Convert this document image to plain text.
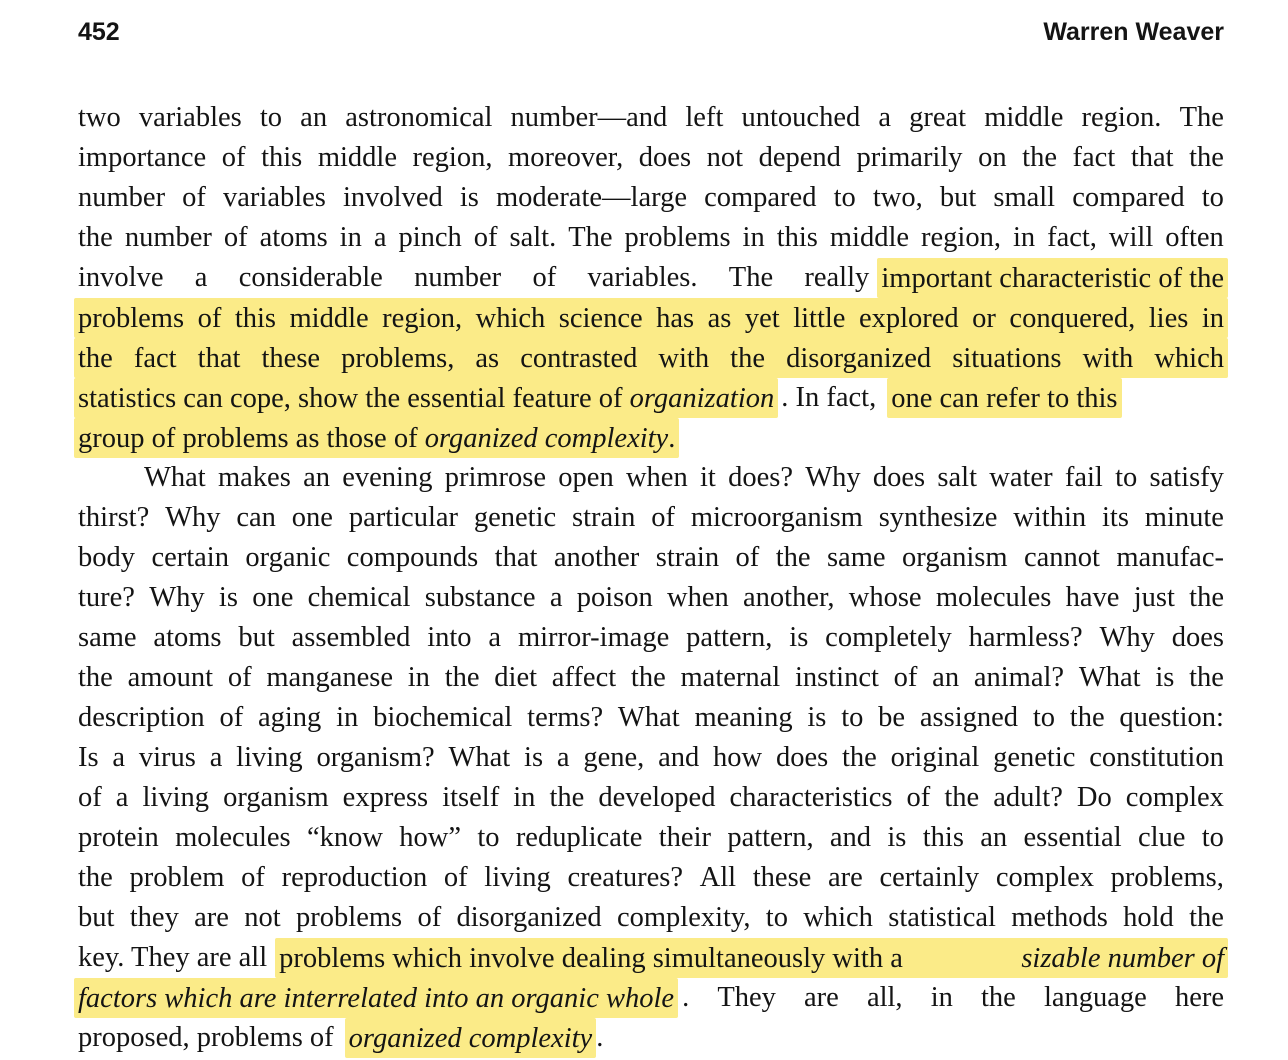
452	Warren Weaver
two variables to an astronomical number—and left untouched a great middle region. The
importance of this middle region, moreover, does not depend primarily on the fact that the
number of variables involved is moderate—large compared to two, but small compared to
the number of atoms in a pinch of salt. The problems in this middle region, in fact, will often
involve a considerable number of variables. The really important characteristic of the
problems of this middle region, which science has as yet little explored or conquered, lies in
the fact that these problems, as contrasted with the disorganized situations with which
statistics can cope, show the essential feature of organization . In fact, one can refer to this
group of problems as those of organized complexity.
What makes an evening primrose open when it does? Why does salt water fail to satisfy
thirst? Why can one particular genetic strain of microorganism synthesize within its minute
body certain organic compounds that another strain of the same organism cannot manufac-
ture? Why is one chemical substance a poison when another, whose molecules have just the
same atoms but assembled into a mirror-image pattern, is completely harmless? Why does
the amount of manganese in the diet affect the maternal instinct of an animal? What is the
description of aging in biochemical terms? What meaning is to be assigned to the question:
Is a virus a living organism? What is a gene, and how does the original genetic constitution
of a living organism express itself in the developed characteristics of the adult? Do complex
protein molecules “know how” to reduplicate their pattern, and is this an essential clue to
the problem of reproduction of living creatures? All these are certainly complex problems,
but they are not problems of disorganized complexity, to which statistical methods hold the
key. They are all problems which involve dealing simultaneously with a	sizable number of
factors which are interrelated into an organic whole . They are all, in the language here
proposed, problems of organized complexity .
